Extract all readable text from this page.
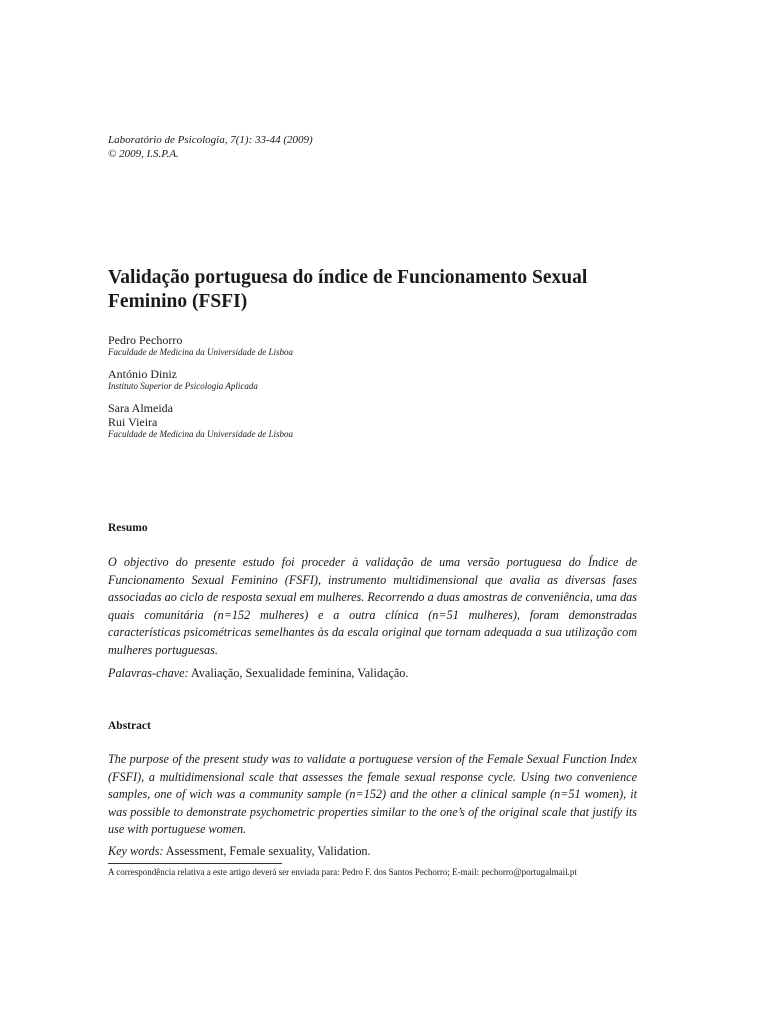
Laboratório de Psicologia, 7(1): 33-44 (2009)
© 2009, I.S.P.A.
Validação portuguesa do índice de Funcionamento Sexual Feminino (FSFI)
Pedro Pechorro
Faculdade de Medicina da Universidade de Lisboa
António Diniz
Instituto Superior de Psicologia Aplicada
Sara Almeida
Rui Vieira
Faculdade de Medicina da Universidade de Lisboa
Resumo

O objectivo do presente estudo foi proceder à validação de uma versão portuguesa do Índice de Funcionamento Sexual Feminino (FSFI), instrumento multidimensional que avalia as diversas fases associadas ao ciclo de resposta sexual em mulheres. Recorrendo a duas amostras de conveniência, uma das quais comunitária (n=152 mulheres) e a outra clínica (n=51 mulheres), foram demonstradas características psicométricas semelhantes às da escala original que tornam adequada a sua utilização com mulheres portuguesas.

Palavras-chave: Avaliação, Sexualidade feminina, Validação.
Abstract

The purpose of the present study was to validate a portuguese version of the Female Sexual Function Index (FSFI), a multidimensional scale that assesses the female sexual response cycle. Using two convenience samples, one of wich was a community sample (n=152) and the other a clinical sample (n=51 women), it was possible to demonstrate psychometric properties similar to the one’s of the original scale that justify its use with portuguese women.

Key words: Assessment, Female sexuality, Validation.
A correspondência relativa a este artigo deverá ser enviada para: Pedro F. dos Santos Pechorro; E-mail: pechorro@portugalmail.pt
